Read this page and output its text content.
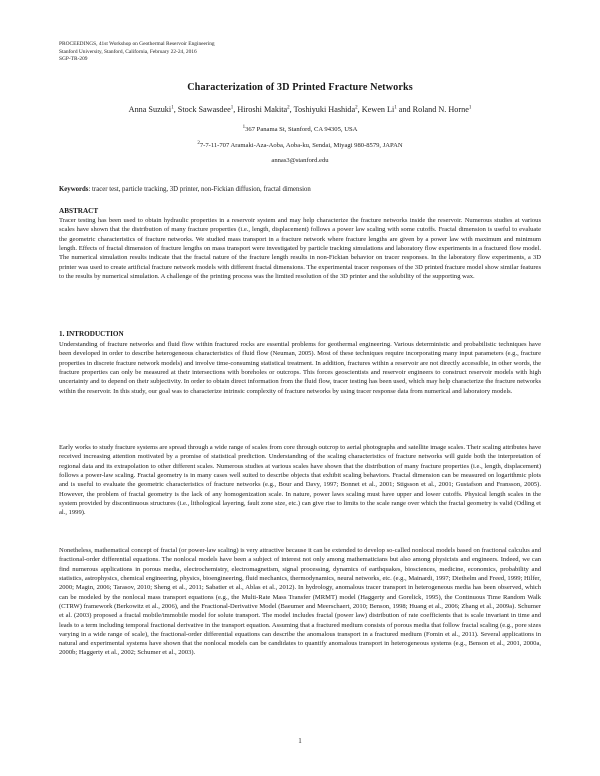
PROCEEDINGS, 41st Workshop on Geothermal Reservoir Engineering
Stanford University, Stanford, California, February 22-24, 2016
SGP-TR-209
Characterization of 3D Printed Fracture Networks
Anna Suzuki$^1$, Stock Sawasdee$^1$, Hiroshi Makita$^2$, Toshiyuki Hashida$^2$, Kewen Li$^1$ and Roland N. Horne$^1$
$^1$367 Panama St, Stanford, CA 94305, USA
$^2$7-7-11-707 Aramaki-Aza-Aoba, Aoba-ku, Sendai, Miyagi 980-8579, JAPAN
annas3@stanford.edu
Keywords: tracer test, particle tracking, 3D printer, non-Fickian diffusion, fractal dimension
ABSTRACT

Tracer testing has been used to obtain hydraulic properties in a reservoir system and may help characterize the fracture networks inside the reservoir. Numerous studies at various scales have shown that the distribution of many fracture properties (i.e., length, displacement) follows a power law scaling with some cutoffs. Fractal dimension is useful to evaluate the geometric characteristics of fracture networks. We studied mass transport in a fracture network where fracture lengths are given by a power law with maximum and minimum length. Effects of fractal dimension of fracture lengths on mass transport were investigated by particle tracking simulations and laboratory flow experiments in a fractured flow model. The numerical simulation results indicate that the fractal nature of the fracture length results in non-Fickian behavior on tracer responses. In the laboratory flow experiments, a 3D printer was used to create artificial fracture network models with different fractal dimensions. The experimental tracer responses of the 3D printed fracture model show similar features to the results by numerical simulation. A challenge of the printing process was the limited resolution of the 3D printer and the solubility of the supporting wax.

1. INTRODUCTION

Understanding of fracture networks and fluid flow within fractured rocks are essential problems for geothermal engineering. Various deterministic and probabilistic techniques have been developed in order to describe heterogeneous characteristics of fluid flow (Neuman, 2005). Most of these techniques require incorporating many input parameters (e.g., fracture properties in discrete fracture network models) and involve time-consuming statistical treatment. In addition, fractures within a reservoir are not directly accessible, in other words, the fracture properties can only be measured at their intersections with boreholes or outcrops. This forces geoscientists and reservoir engineers to construct reservoir models with high uncertainty and to depend on their subjectivity. In order to obtain direct information from the fluid flow, tracer testing has been used, which may help characterize the fracture networks within the reservoir. In this study, our goal was to characterize intrinsic complexity of fracture networks by using tracer response data from numerical and laboratory models.

Early works to study fracture systems are spread through a wide range of scales from core through outcrop to aerial photographs and satellite image scales. Their scaling attributes have received increasing attention motivated by a promise of statistical prediction. Understanding of the scaling characteristics of fracture networks will guide both the interpretation of regional data and its extrapolation to other different scales. Numerous studies at various scales have shown that the distribution of many fracture properties (i.e., length, displacement) follows a power-law scaling. Fractal geometry is in many cases well suited to describe objects that exhibit scaling behaviors. Fractal dimension can be measured on logarithmic plots and is useful to evaluate the geometric characteristics of fracture networks (e.g., Bour and Davy, 1997; Bonnet et al., 2001; Stigsson et al., 2001; Gustafson and Fransson, 2005). However, the problem of fractal geometry is the lack of any homogenization scale. In nature, power laws scaling must have upper and lower cutoffs. Physical length scales in the system provided by discontinuous structures (i.e., lithological layering, fault zone size, etc.) can give rise to limits to the scale range over which the fractal geometry is valid (Odling et al., 1999).

Nonetheless, mathematical concept of fractal (or power-law scaling) is very attractive because it can be extended to develop so-called nonlocal models based on fractional calculus and fractional-order differential equations. The nonlocal models have been a subject of interest not only among mathematicians but also among physicists and engineers. Indeed, we can find numerous applications in porous media, electrochemistry, electromagnetism, signal processing, dynamics of earthquakes, biosciences, medicine, economics, probability and statistics, astrophysics, chemical engineering, physics, bioengineering, fluid mechanics, thermodynamics, neural networks, etc. (e.g., Mainardi, 1997; Diethelm and Freed, 1999; Hilfer, 2000; Magin, 2006; Tarasov, 2010; Sheng et al., 2011; Sabatier et al., Ablas et al., 2012). In hydrology, anomalous tracer transport in heterogeneous media has been observed, which can be modeled by the nonlocal mass transport equations (e.g., the Multi-Rate Mass Transfer (MRMT) model (Haggerty and Gorelick, 1995), the Continuous Time Random Walk (CTRW) framework (Berkowitz et al., 2006), and the Fractional-Derivative Model (Baeumer and Meerschaert, 2010; Benson, 1998; Huang et al., 2006; Zhang et al., 2009a). Schumer et al. (2003) proposed a fractal mobile/immobile model for solute transport. The model includes fractal (power law) distribution of rate coefficients that is scale invariant in time and leads to a term including temporal fractional derivative in the transport equation. Assuming that a fractured medium consists of porous media that follow fractal scaling (e.g., pore sizes varying in a wide range of scale), the fractional-order differential equations can describe the anomalous transport in a fractured medium (Fomin et al., 2011). Several applications in natural and experimental systems have shown that the nonlocal models can be candidates to quantify anomalous transport in heterogeneous systems (e.g., Benson et al., 2001, 2000a, 2000b; Haggerty et al., 2002; Schumer et al., 2003).

1
